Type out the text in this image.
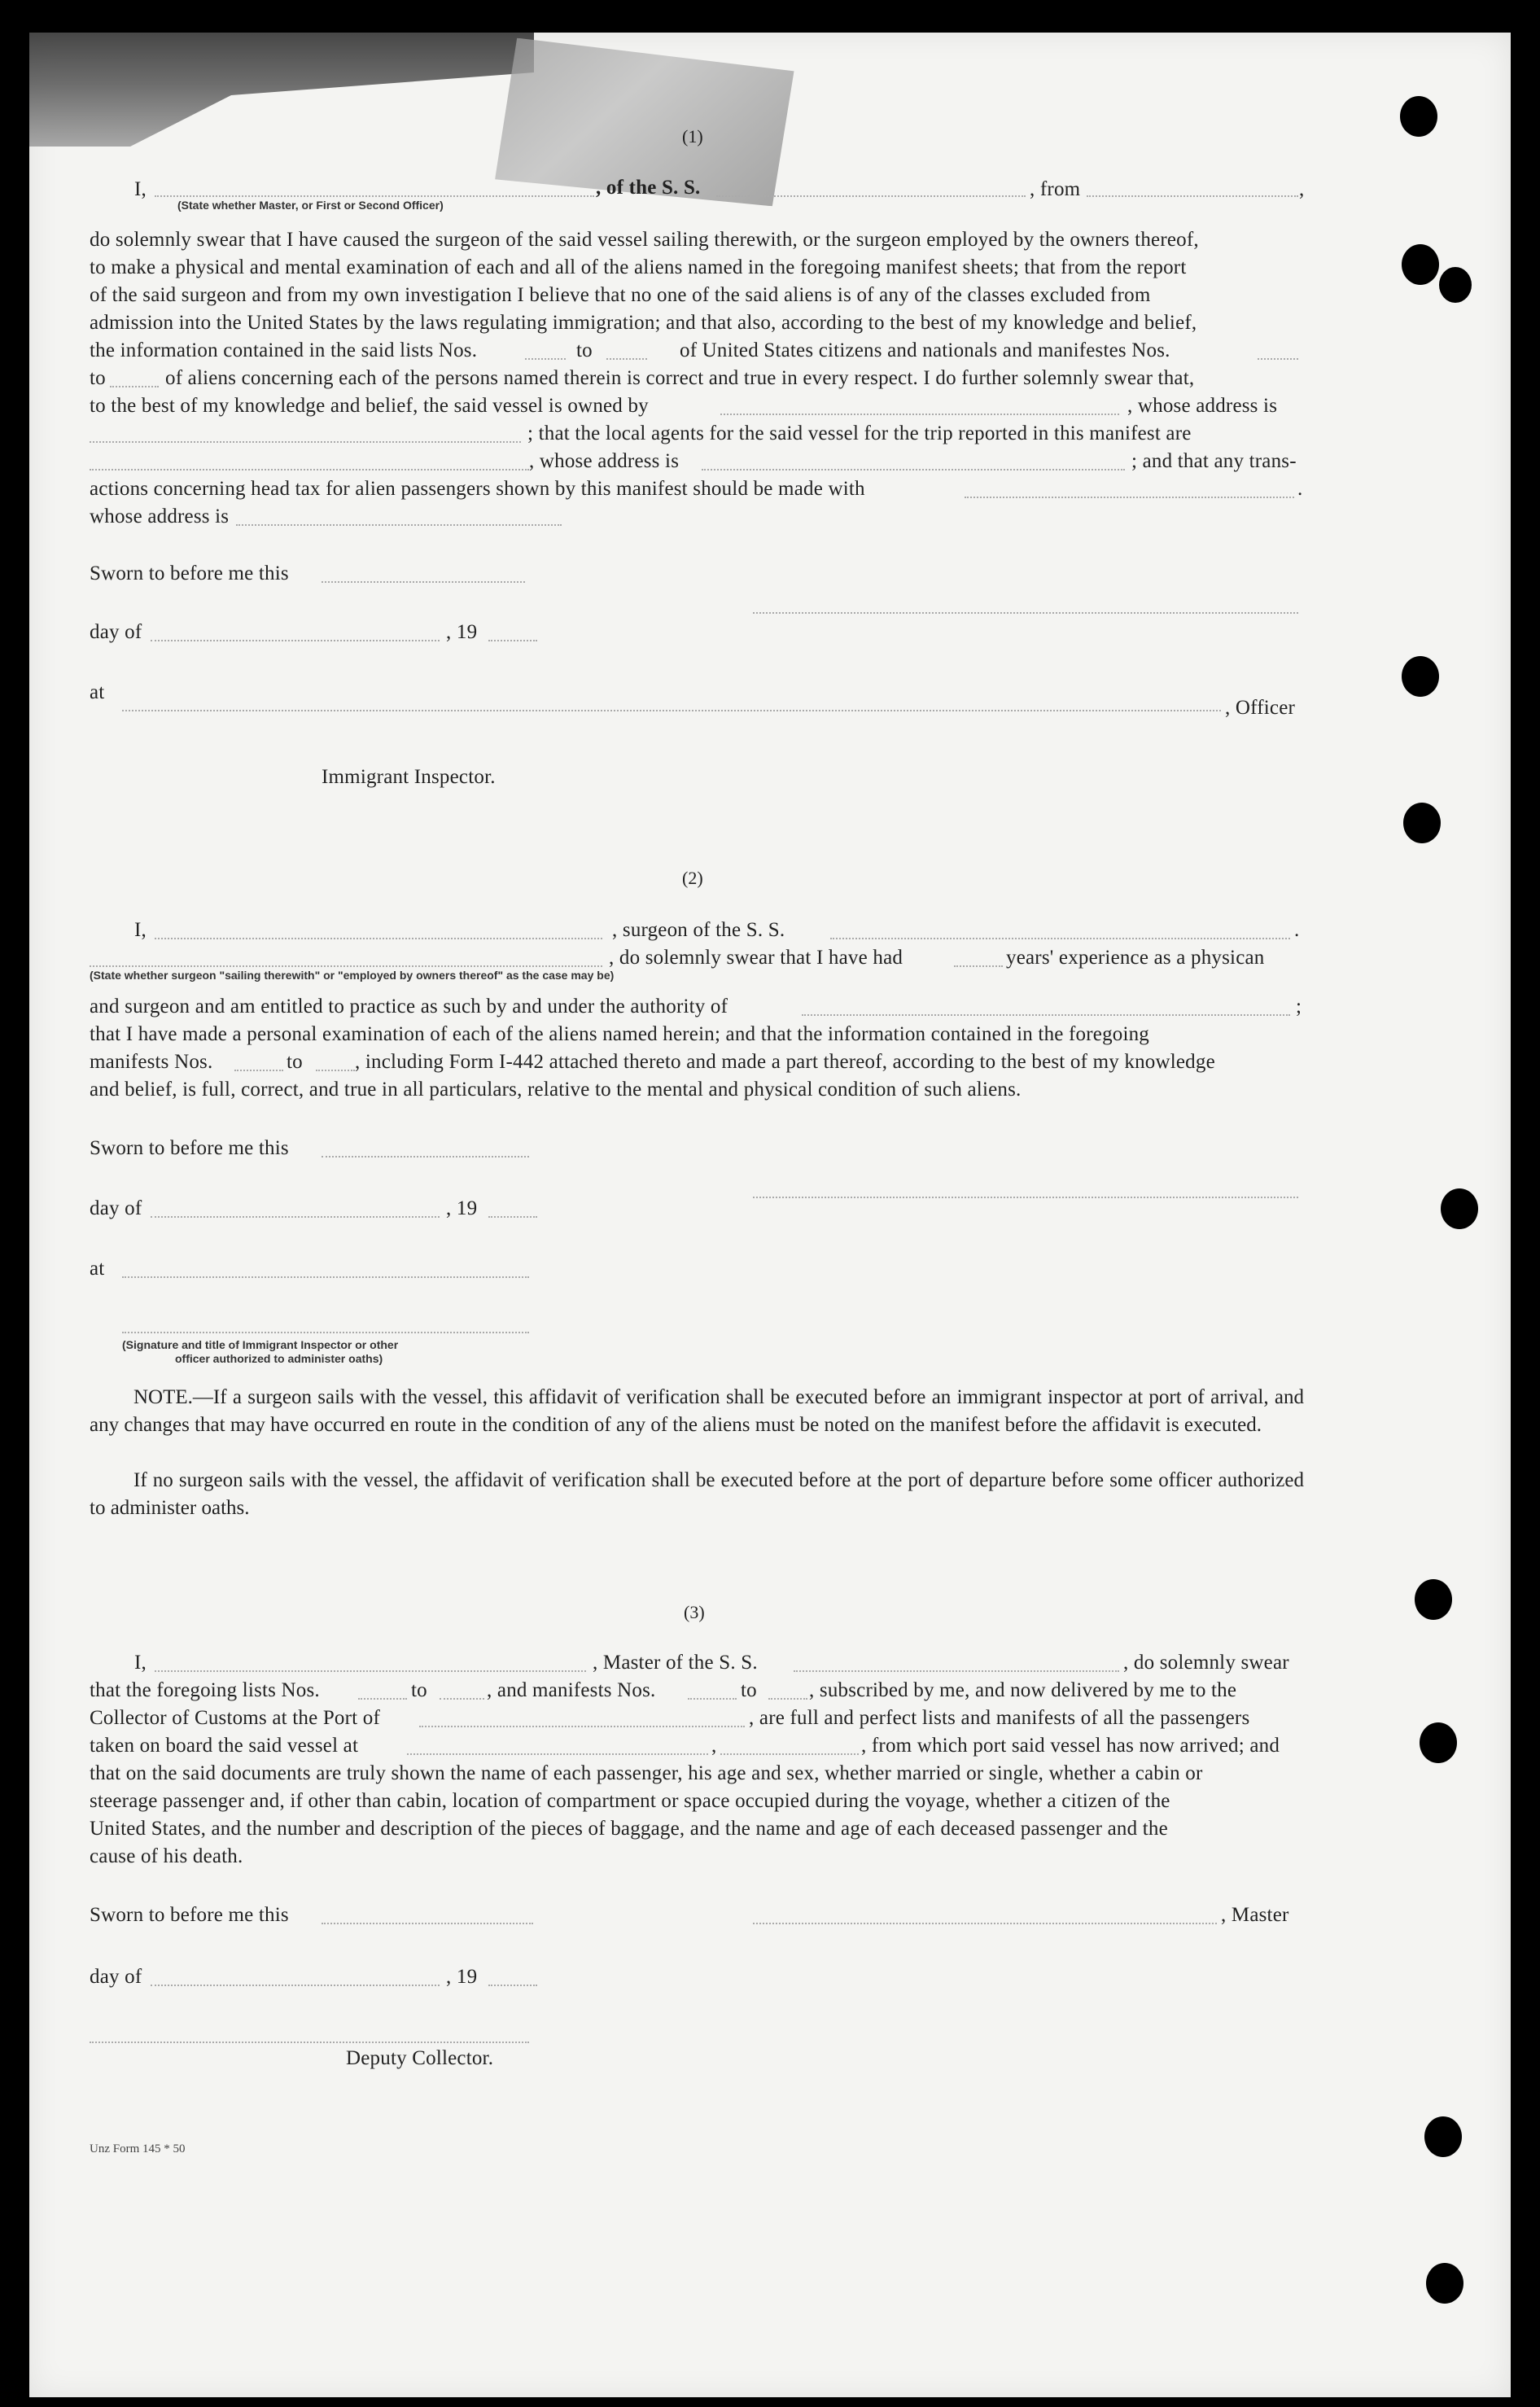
(1)
I,	, of the S. S.	, from	,
(State whether Master, or First or Second Officer)
do solemnly swear that I have caused the surgeon of the said vessel sailing therewith, or the surgeon employed by the owners thereof,
to make a physical and mental examination of each and all of the aliens named in the foregoing manifest sheets; that from the report
of the said surgeon and from my own investigation I believe that no one of the said aliens is of any of the classes excluded from
admission into the United States by the laws regulating immigration; and that also, according to the best of my knowledge and belief,
the information contained in the said lists Nos.	to	of United States citizens and nationals and manifestes Nos.
to	of aliens concerning each of the persons named therein is correct and true in every respect. I do further solemnly swear that,
to the best of my knowledge and belief, the said vessel is owned by	, whose address is
; that the local agents for the said vessel for the trip reported in this manifest are
, whose address is	; and that any trans-
actions concerning head tax for alien passengers shown by this manifest should be made with	.
whose address is
Sworn to before me this
day of	, 19
at
, Officer
Immigrant Inspector.
(2)
I,	, surgeon of the S. S.	.
, do solemnly swear that I have had	years' experience as a physican
(State whether surgeon "sailing therewith" or "employed by owners thereof" as the case may be)
and surgeon and am entitled to practice as such by and under the authority of	;
that I have made a personal examination of each of the aliens named herein; and that the information contained in the foregoing
manifests Nos.	to	, including Form I-442 attached thereto and made a part thereof, according to the best of my knowledge
and belief, is full, correct, and true in all particulars, relative to the mental and physical condition of such aliens.
Sworn to before me this
day of	, 19
at
(Signature and title of Immigrant Inspector or other
officer authorized to administer oaths)
NOTE.—If a surgeon sails with the vessel, this affidavit of verification shall be executed before an immigrant inspector at port of arrival, and any changes that may have occurred en route in the condition of any of the aliens must be noted on the manifest before the affidavit is executed.
If no surgeon sails with the vessel, the affidavit of verification shall be executed before at the port of departure before some officer authorized to administer oaths.
(3)
I,	, Master of the S. S.	, do solemnly swear
that the foregoing lists Nos.	to	, and manifests Nos.	to	, subscribed by me, and now delivered by me to the
Collector of Customs at the Port of	, are full and perfect lists and manifests of all the passengers
taken on board the said vessel at	,	, from which port said vessel has now arrived; and
that on the said documents are truly shown the name of each passenger, his age and sex, whether married or single, whether a cabin or
steerage passenger and, if other than cabin, location of compartment or space occupied during the voyage, whether a citizen of the
United States, and the number and description of the pieces of baggage, and the name and age of each deceased passenger and the
cause of his death.
Sworn to before me this	, Master
day of	, 19
Deputy Collector.
Unz Form 145 * 50
